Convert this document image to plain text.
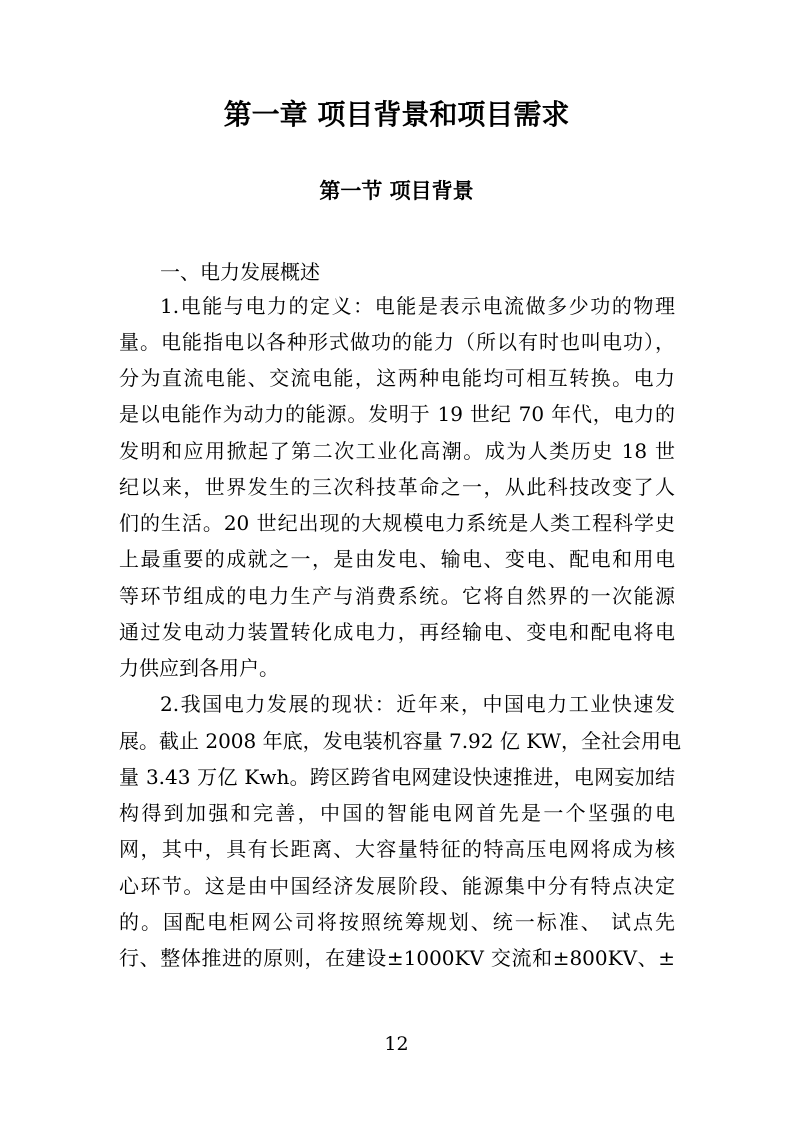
第一章 项目背景和项目需求
第一节 项目背景

一、电力发展概述

1.电能与电力的定义：电能是表示电流做多少功的物理

量。电能指电以各种形式做功的能力（所以有时也叫电功），

分为直流电能、交流电能，这两种电能均可相互转换。电力

是以电能作为动力的能源。发明于 19 世纪 70 年代，电力的

发明和应用掀起了第二次工业化高潮。成为人类历史 18 世

纪以来，世界发生的三次科技革命之一，从此科技改变了人

们的生活。20 世纪出现的大规模电力系统是人类工程科学史

上最重要的成就之一，是由发电、输电、变电、配电和用电

等环节组成的电力生产与消费系统。它将自然界的一次能源

通过发电动力装置转化成电力，再经输电、变电和配电将电

力供应到各用户。

2.我国电力发展的现状：近年来，中国电力工业快速发

展。截止 2008 年底，发电装机容量 7.92 亿 KW，全社会用电

量 3.43 万亿 Kwh。跨区跨省电网建设快速推进，电网妄加结

构得到加强和完善，中国的智能电网首先是一个坚强的电

网，其中，具有长距离、大容量特征的特高压电网将成为核

心环节。这是由中国经济发展阶段、能源集中分有特点决定

的。国配电柜网公司将按照统筹规划、统一标准、 试点先

行、整体推进的原则，在建设±1000KV 交流和±800KV、±

12
